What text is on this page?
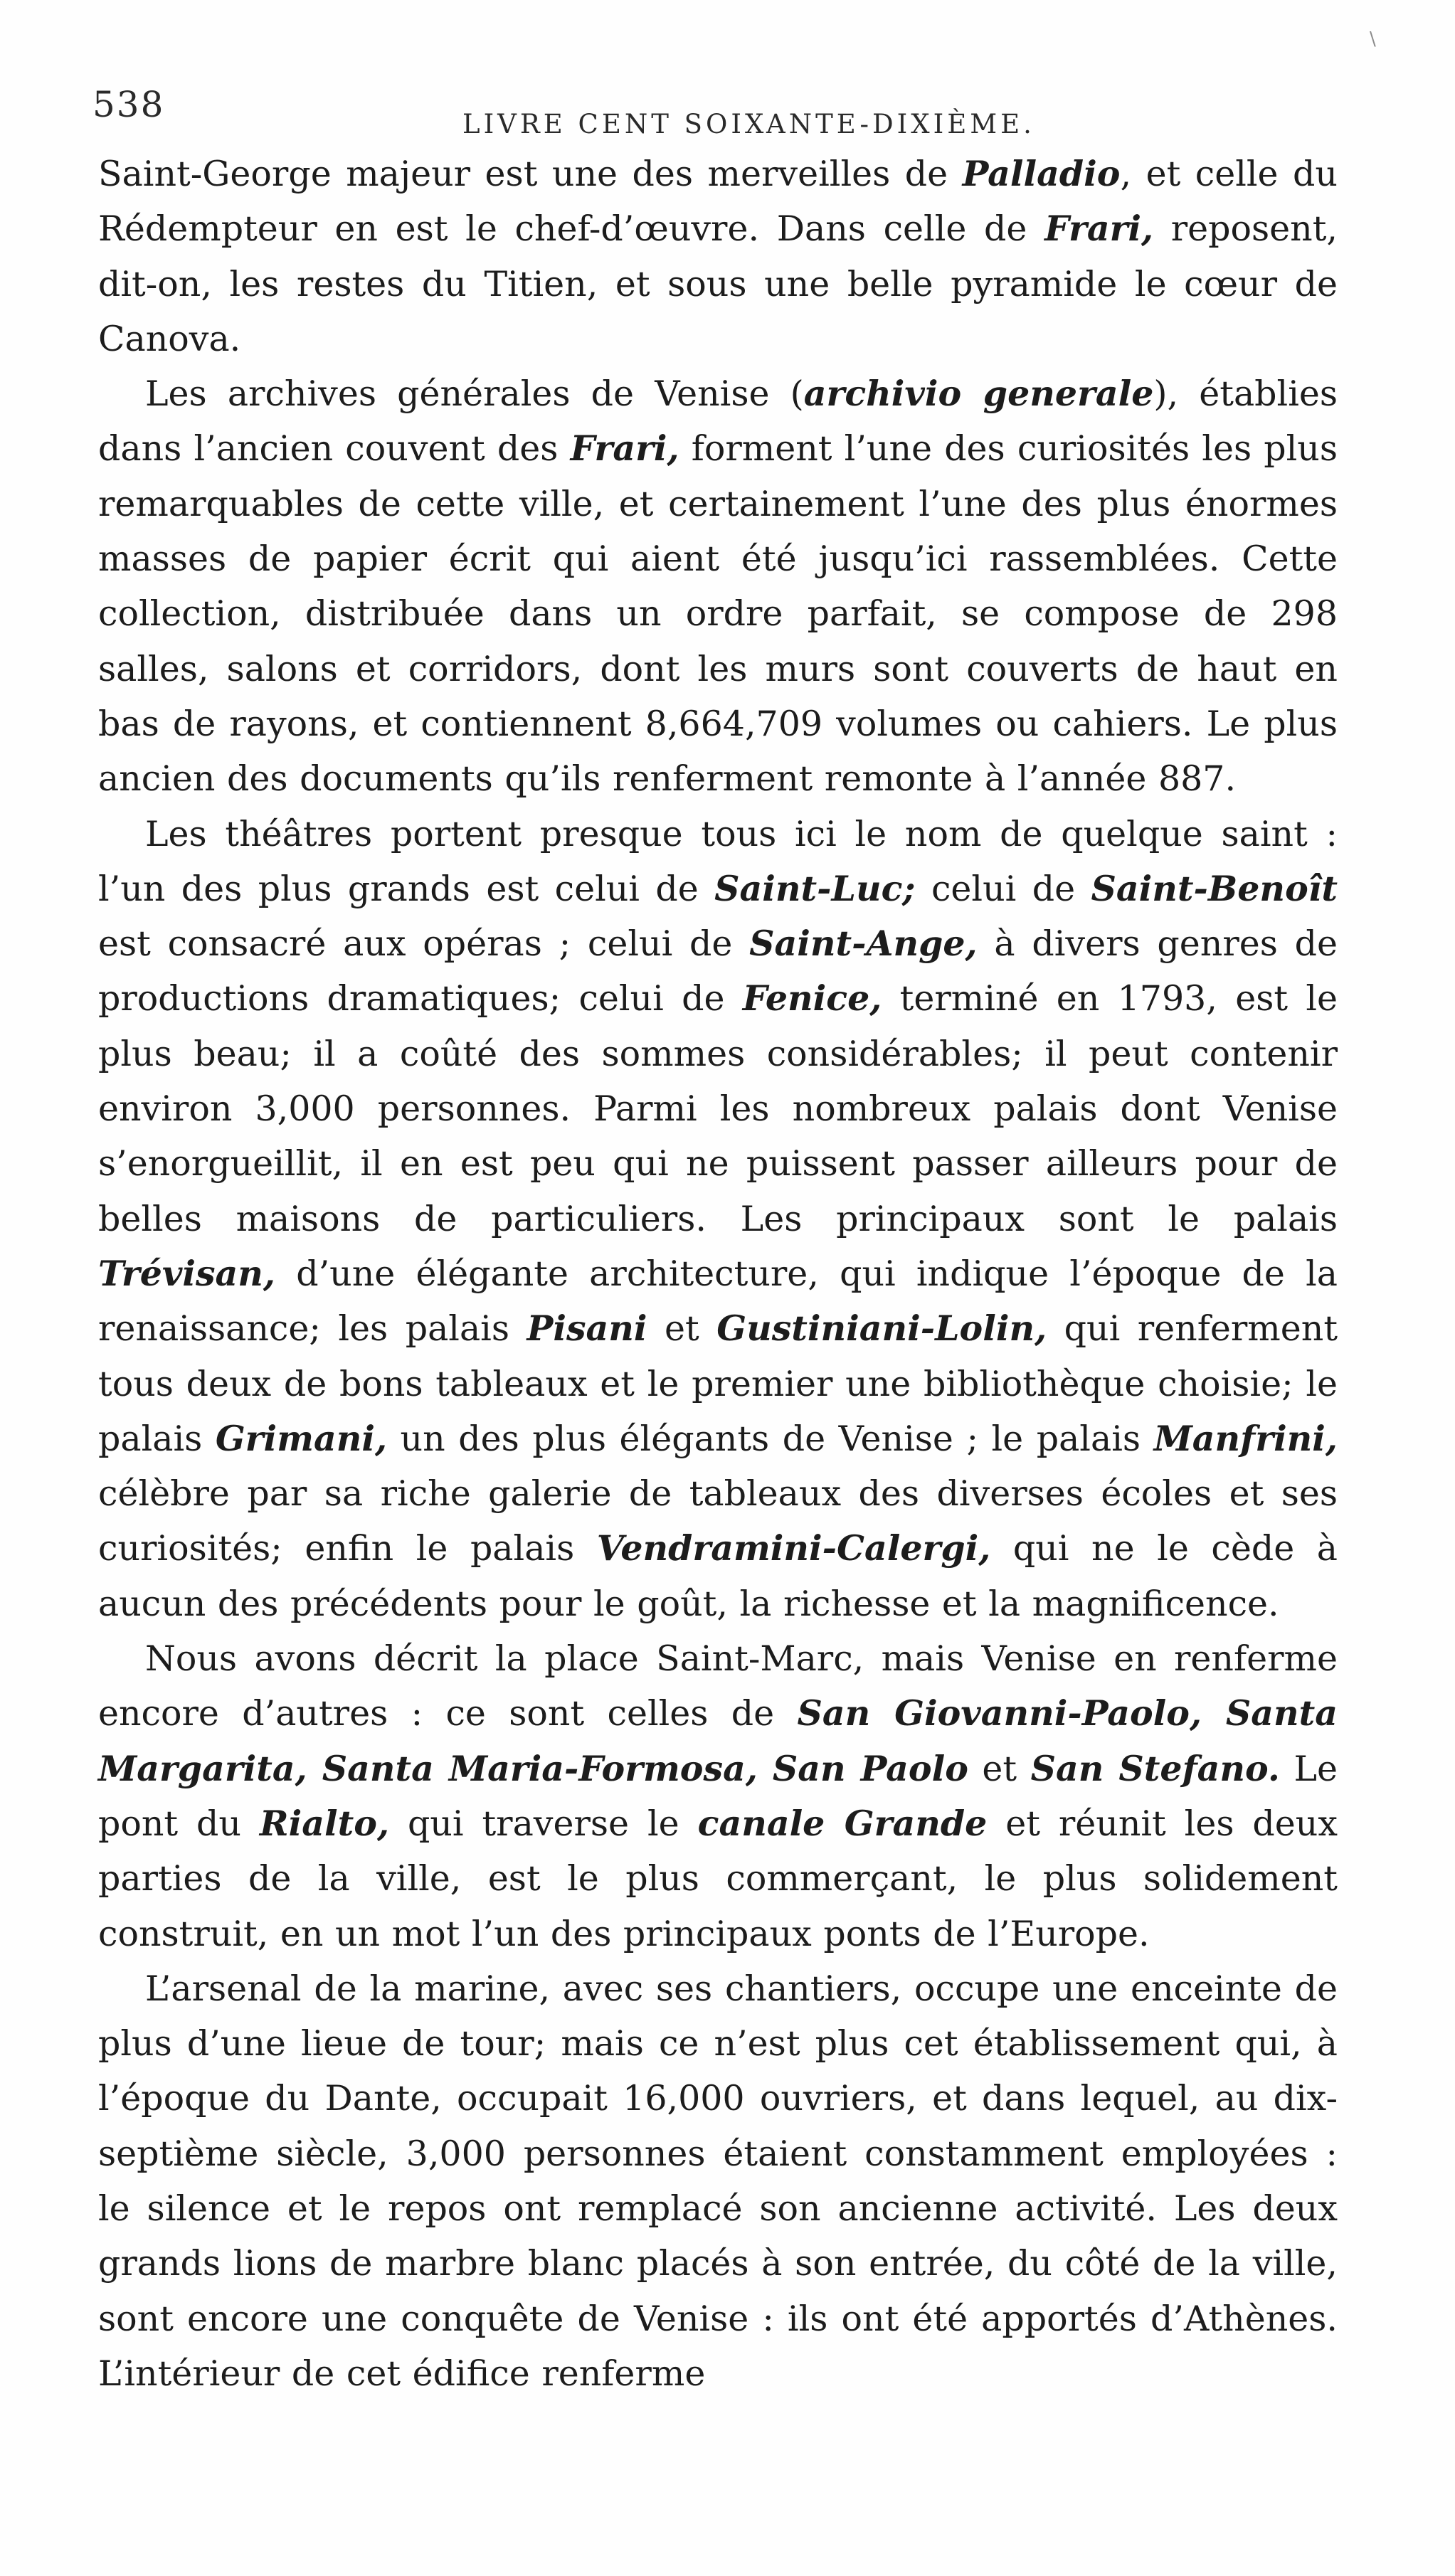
538	LIVRE CENT SOIXANTE-DIXIÈME.
\

Saint-George majeur est une des merveilles de Palladio, et celle du Rédempteur en est le chef-d’œuvre. Dans celle de Frari, reposent, dit-on, les restes du Titien, et sous une belle pyramide le cœur de Canova.

Les archives générales de Venise (archivio generale), établies dans l’ancien couvent des Frari, forment l’une des curiosités les plus remarquables de cette ville, et certainement l’une des plus énormes masses de papier écrit qui aient été jusqu’ici rassemblées. Cette collection, distribuée dans un ordre parfait, se compose de 298 salles, salons et corridors, dont les murs sont couverts de haut en bas de rayons, et contiennent 8,664,709 volumes ou cahiers. Le plus ancien des documents qu’ils renferment remonte à l’année 887.

Les théâtres portent presque tous ici le nom de quelque saint : l’un des plus grands est celui de Saint-Luc; celui de Saint-Benoît est consacré aux opéras ; celui de Saint-Ange, à divers genres de productions dramatiques; celui de Fenice, terminé en 1793, est le plus beau; il a coûté des sommes considérables; il peut contenir environ 3,000 personnes. Parmi les nombreux palais dont Venise s’enorgueillit, il en est peu qui ne puissent passer ailleurs pour de belles maisons de particuliers. Les principaux sont le palais Trévisan, d’une élégante architecture, qui indique l’époque de la renaissance; les palais Pisani et Gustiniani-Lolin, qui renferment tous deux de bons tableaux et le premier une bibliothèque choisie; le palais Grimani, un des plus élégants de Venise ; le palais Manfrini, célèbre par sa riche galerie de tableaux des diverses écoles et ses curiosités; enfin le palais Vendramini-Calergi, qui ne le cède à aucun des précédents pour le goût, la richesse et la magnificence.

Nous avons décrit la place Saint-Marc, mais Venise en renferme encore d’autres : ce sont celles de San Giovanni-Paolo, Santa Margarita, Santa Maria-Formosa, San Paolo et San Stefano. Le pont du Rialto, qui traverse le canale Grande et réunit les deux parties de la ville, est le plus commerçant, le plus solidement construit, en un mot l’un des principaux ponts de l’Europe.

L’arsenal de la marine, avec ses chantiers, occupe une enceinte de plus d’une lieue de tour; mais ce n’est plus cet établissement qui, à l’époque du Dante, occupait 16,000 ouvriers, et dans lequel, au dix-septième siècle, 3,000 personnes étaient constamment employées : le silence et le repos ont remplacé son ancienne activité. Les deux grands lions de marbre blanc placés à son entrée, du côté de la ville, sont encore une conquête de Venise : ils ont été apportés d’Athènes. L’intérieur de cet édifice renferme
